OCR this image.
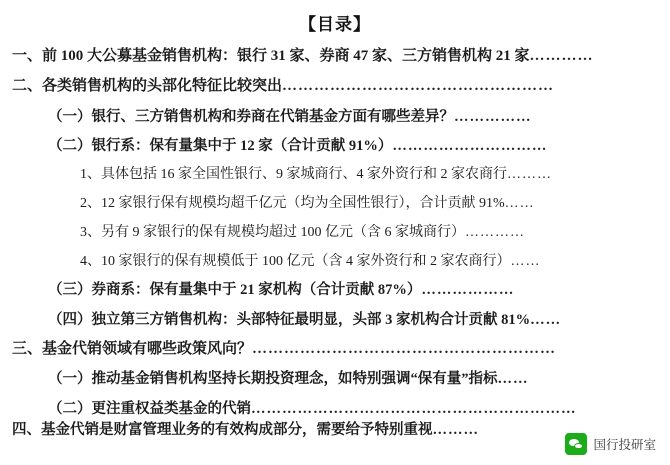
【目录】
一、前 100 大公募基金销售机构：银行 31 家、券商 47 家、三方销售机构 21 家…………
二、各类销售机构的头部化特征比较突出……………………………………………
（一）银行、三方销售机构和券商在代销基金方面有哪些差异？……………
（二）银行系：保有量集中于 12 家（合计贡献 91%）…………………………
1、具体包括 16 家全国性银行、9 家城商行、4 家外资行和 2 家农商行………
2、12 家银行保有规模均超千亿元（均为全国性银行），合计贡献 91%……
3、另有 9 家银行的保有规模均超过 100 亿元（含 6 家城商行）…………
4、10 家银行的保有规模低于 100 亿元（含 4 家外资行和 2 家农商行）……
（三）券商系：保有量集中于 21 家机构（合计贡献 87%）………………
（四）独立第三方销售机构：头部特征最明显，头部 3 家机构合计贡献 81%……
三、基金代销领域有哪些政策风向？…………………………………………………
（一）推动基金销售机构坚持长期投资理念，如特别强调“保有量”指标……
（二）更注重权益类基金的代销………………………………………………………
四、基金代销是财富管理业务的有效构成部分，需要给予特别重视………
国行投研室
